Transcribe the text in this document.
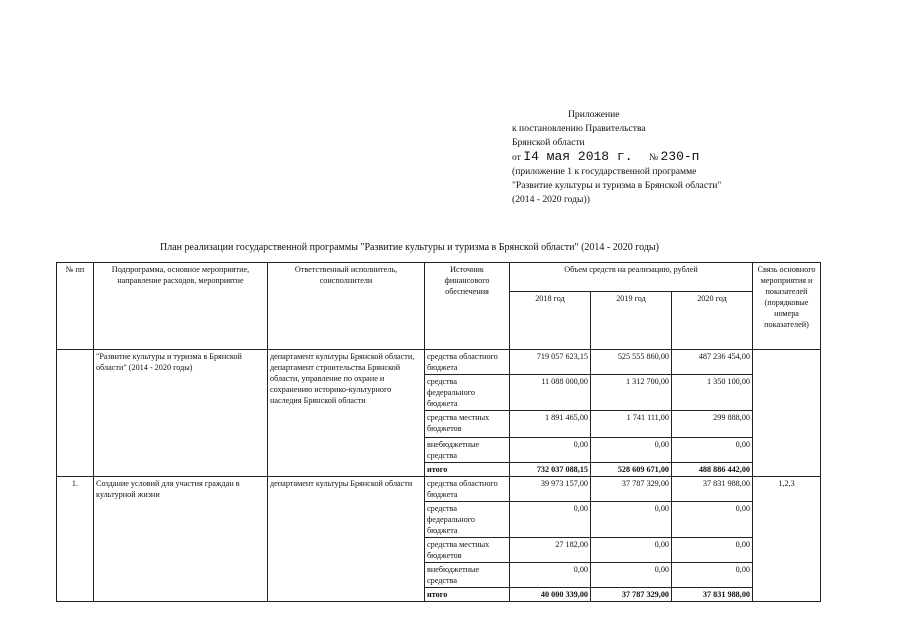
Приложение
к постановлению Правительства
Брянской области
от I4 мая 2018 г. № 230-п
(приложение 1 к государственной программе
"Развитие культуры и туризма в Брянской области"
(2014 - 2020 годы))
План реализации государственной программы "Развитие культуры и туризма в Брянской области" (2014 - 2020 годы)
№ пп	Подпрограмма, основное мероприятие, направление расходов, мероприятие	Ответственный исполнитель, соисполнители	Источник финансового обеспечения	Объем средств на реализацию, рублей			Связь основного мероприятия и показателей (порядковые номера показателей)
				2018 год	2019 год	2020 год	
	"Развитие культуры и туризма в Брянской области" (2014 - 2020 годы)	департамент культуры Брянской области, департамент строительства Брянской области, управление по охране и сохранению историко-культурного наследия Брянской области	средства областного бюджета	719 057 623,15	525 555 860,00	487 236 454,00	
			средства федерального бюджета	11 088 000,00	1 312 700,00	1 350 100,00	
			средства местных бюджетов	1 891 465,00	1 741 111,00	299 888,00	
			внебюджетные средства	0,00	0,00	0,00	
			итого	732 037 088,15	528 609 671,00	488 886 442,00	
1.	Создание условий для участия граждан в культурной жизни	департамент культуры Брянской области	средства областного бюджета	39 973 157,00	37 787 329,00	37 831 988,00	1,2,3
			средства федерального бюджета	0,00	0,00	0,00	
			средства местных бюджетов	27 182,00	0,00	0,00	
			внебюджетные средства	0,00	0,00	0,00	
			итого	40 000 339,00	37 787 329,00	37 831 988,00	
